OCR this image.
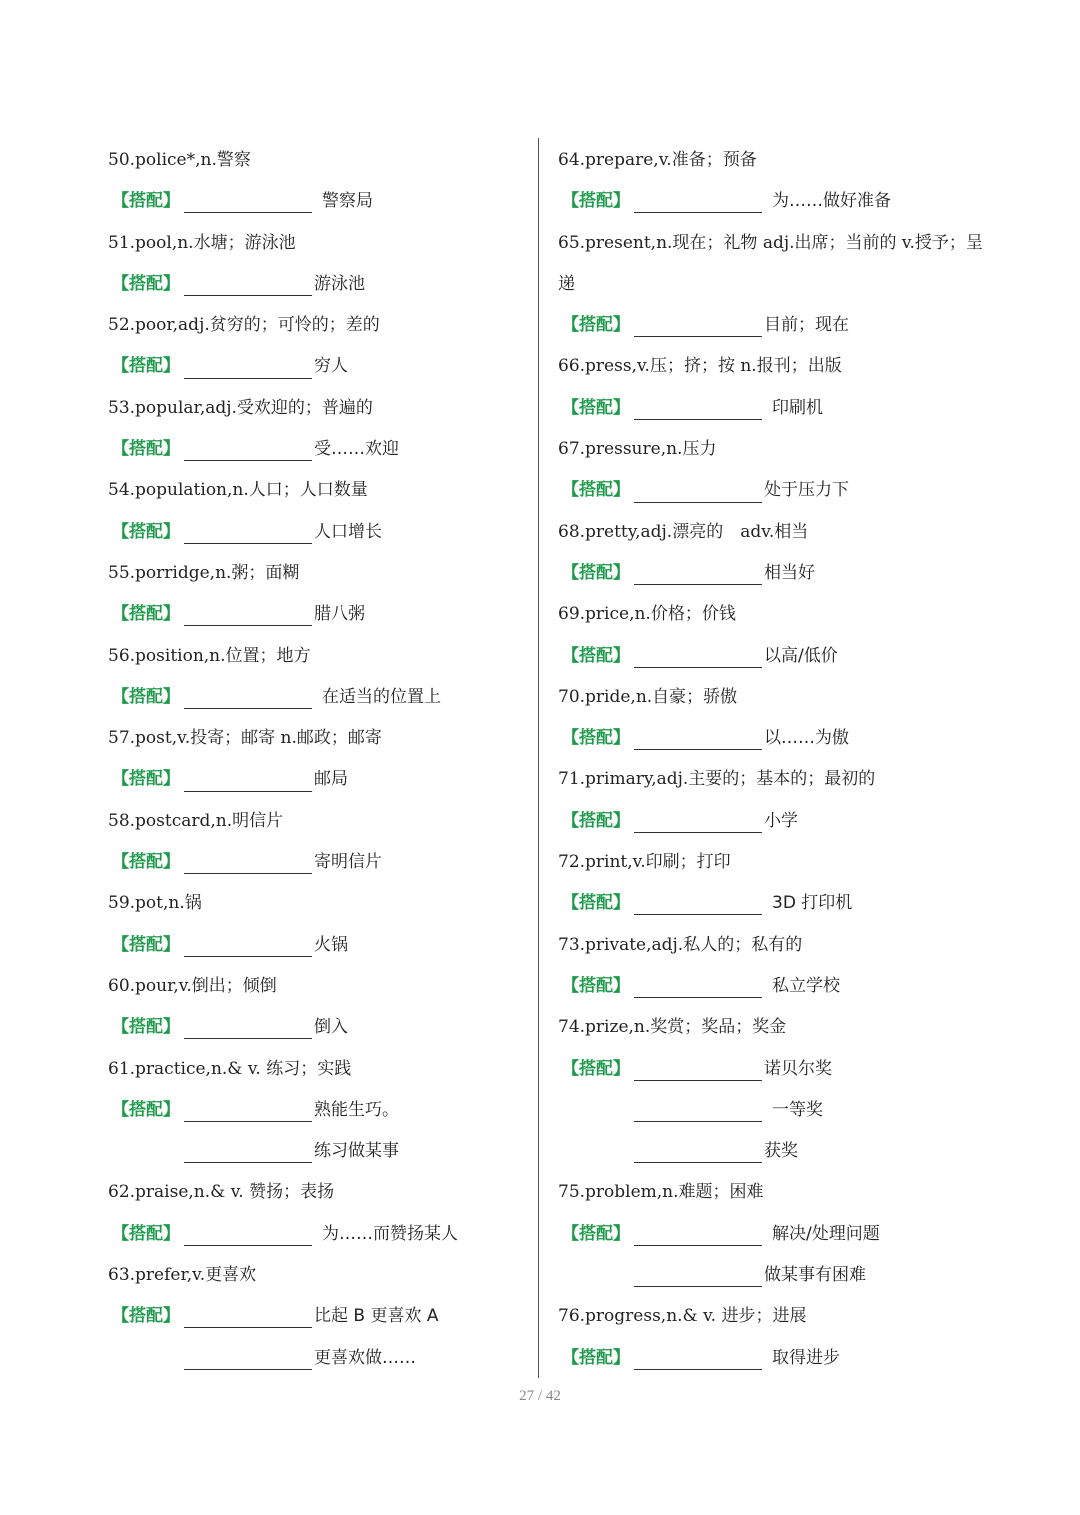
50.police*,n.警察
【搭配】	警察局
51.pool,n.水塘；游泳池
【搭配】	游泳池
52.poor,adj.贫穷的；可怜的；差的
【搭配】	穷人
53.popular,adj.受欢迎的；普遍的
【搭配】	受……欢迎
54.population,n.人口；人口数量
【搭配】	人口增长
55.porridge,n.粥；面糊
【搭配】	腊八粥
56.position,n.位置；地方
【搭配】	在适当的位置上
57.post,v.投寄；邮寄 n.邮政；邮寄
【搭配】	邮局
58.postcard,n.明信片
【搭配】	寄明信片
59.pot,n.锅
【搭配】	火锅
60.pour,v.倒出；倾倒
【搭配】	倒入
61.practice,n.& v. 练习；实践
【搭配】	熟能生巧。
练习做某事
62.praise,n.& v. 赞扬；表扬
【搭配】	为……而赞扬某人
63.prefer,v.更喜欢
【搭配】	比起 B 更喜欢 A
更喜欢做……
64.prepare,v.准备；预备
【搭配】	为……做好准备
65.present,n.现在；礼物 adj.出席；当前的 v.授予；呈
递
【搭配】	目前；现在
66.press,v.压；挤；按 n.报刊；出版
【搭配】	印刷机
67.pressure,n.压力
【搭配】	处于压力下
68.pretty,adj.漂亮的　adv.相当
【搭配】	相当好
69.price,n.价格；价钱
【搭配】	以高/低价
70.pride,n.自豪；骄傲
【搭配】	以……为傲
71.primary,adj.主要的；基本的；最初的
【搭配】	小学
72.print,v.印刷；打印
【搭配】	3D 打印机
73.private,adj.私人的；私有的
【搭配】	私立学校
74.prize,n.奖赏；奖品；奖金
【搭配】	诺贝尔奖
一等奖
获奖
75.problem,n.难题；困难
【搭配】	解决/处理问题
做某事有困难
76.progress,n.& v. 进步；进展
【搭配】	取得进步
27 / 42
